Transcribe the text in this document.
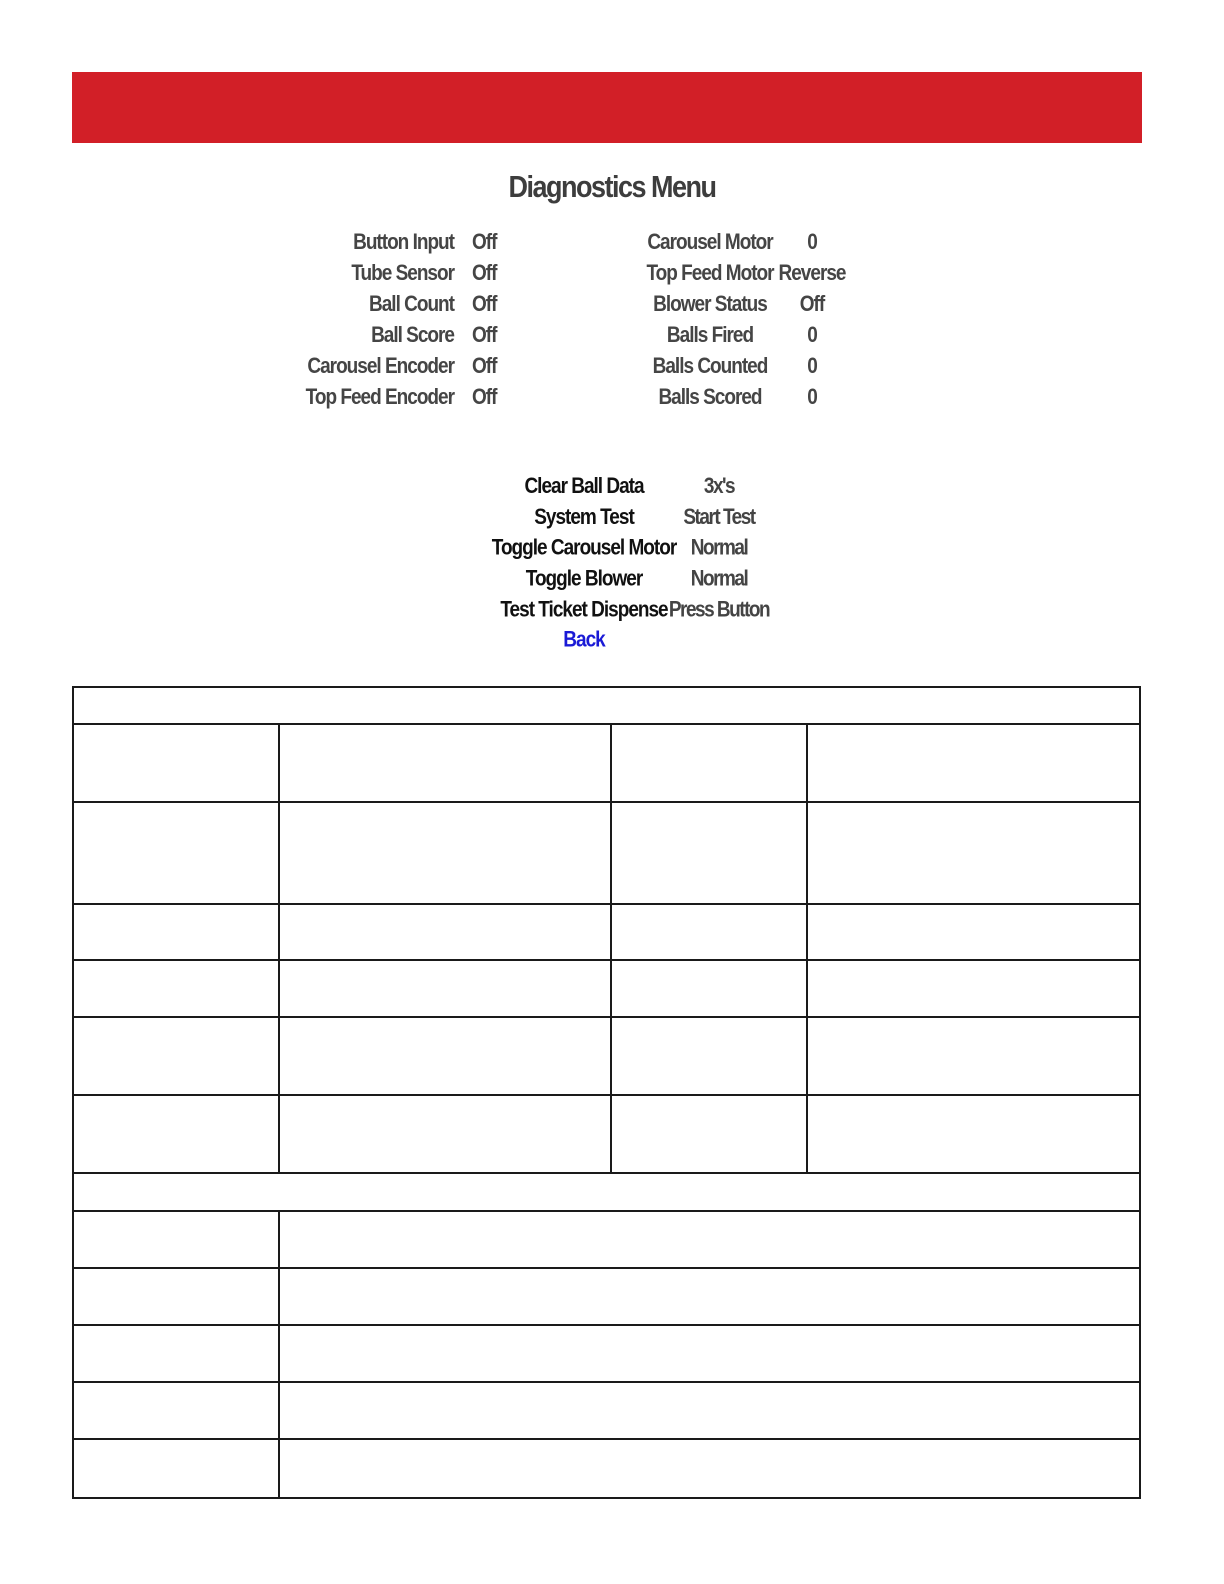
Diagnostics Menu
Button Input Off
Tube Sensor Off
Ball Count Off
Ball Score Off
Carousel Encoder Off
Top Feed Encoder Off
Carousel Motor	0
Top Feed Motor Reverse
Blower Status	Off
Balls Fired	0
Balls Counted	0
Balls Scored	0
Clear Ball Data	3x's
System Test	Start Test
Toggle Carousel Motor Normal
Toggle Blower	Normal
Test Ticket Dispense Press Button
Back
